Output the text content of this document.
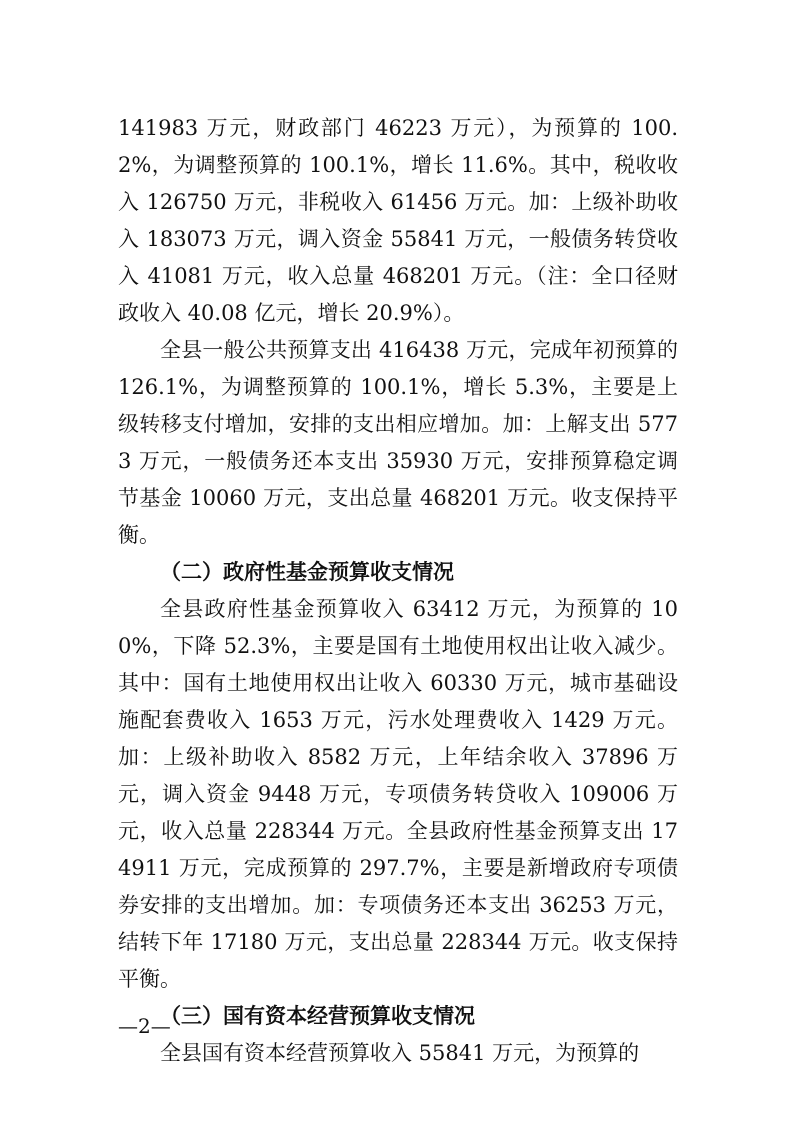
141983 万元，财政部门 46223 万元），为预算的 100.2%，为调整预算的 100.1%，增长 11.6%。其中，税收收入 126750 万元，非税收入 61456 万元。加：上级补助收入 183073 万元，调入资金 55841 万元，一般债务转贷收入 41081 万元，收入总量 468201 万元。（注：全口径财政收入 40.08 亿元，增长 20.9%）。

全县一般公共预算支出 416438 万元，完成年初预算的 126.1%，为调整预算的 100.1%，增长 5.3%，主要是上级转移支付增加，安排的支出相应增加。加：上解支出 5773 万元，一般债务还本支出 35930 万元，安排预算稳定调节基金 10060 万元，支出总量 468201 万元。收支保持平衡。

（二）政府性基金预算收支情况

全县政府性基金预算收入 63412 万元，为预算的 100%，下降 52.3%，主要是国有土地使用权出让收入减少。其中：国有土地使用权出让收入 60330 万元，城市基础设施配套费收入 1653 万元，污水处理费收入 1429 万元。加：上级补助收入 8582 万元，上年结余收入 37896 万元，调入资金 9448 万元，专项债务转贷收入 109006 万元，收入总量 228344 万元。全县政府性基金预算支出 174911 万元，完成预算的 297.7%，主要是新增政府专项债券安排的支出增加。加：专项债务还本支出 36253 万元，结转下年 17180 万元，支出总量 228344 万元。收支保持平衡。

（三）国有资本经营预算收支情况

全县国有资本经营预算收入 55841 万元，为预算的

—2—
